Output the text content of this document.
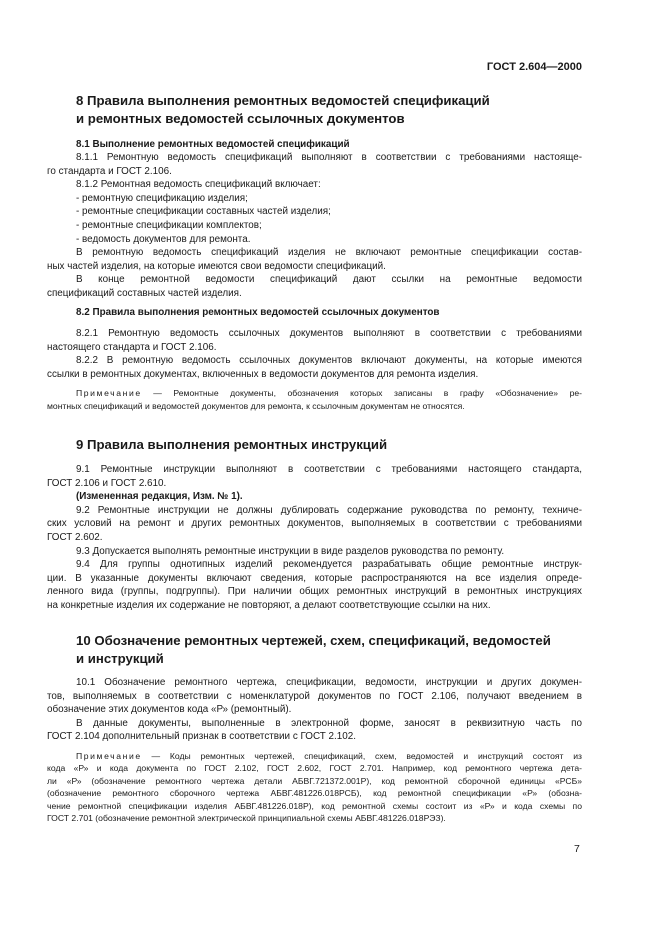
ГОСТ 2.604—2000
8 Правила выполнения ремонтных ведомостей спецификаций
и ремонтных ведомостей ссылочных документов
8.1 Выполнение ремонтных ведомостей спецификаций
8.1.1 Ремонтную ведомость спецификаций выполняют в соответствии с требованиями настояще-
го стандарта и ГОСТ 2.106.
8.1.2 Ремонтная ведомость спецификаций включает:
- ремонтную спецификацию изделия;
- ремонтные спецификации составных частей изделия;
- ремонтные спецификации комплектов;
- ведомость документов для ремонта.
В ремонтную ведомость спецификаций изделия не включают ремонтные спецификации состав-
ных частей изделия, на которые имеются свои ведомости спецификаций.
В конце ремонтной ведомости спецификаций дают ссылки на ремонтные ведомости
спецификаций составных частей изделия.
8.2 Правила выполнения ремонтных ведомостей ссылочных документов
8.2.1 Ремонтную ведомость ссылочных документов выполняют в соответствии с требованиями
настоящего стандарта и ГОСТ 2.106.
8.2.2 В ремонтную ведомость ссылочных документов включают документы, на которые имеются
ссылки в ремонтных документах, включенных в ведомости документов для ремонта изделия.
Примечание — Ремонтные документы, обозначения которых записаны в графу «Обозначение» ре-
монтных спецификаций и ведомостей документов для ремонта, к ссылочным документам не относятся.
9 Правила выполнения ремонтных инструкций
9.1 Ремонтные инструкции выполняют в соответствии с требованиями настоящего стандарта,
ГОСТ 2.106 и ГОСТ 2.610.
(Измененная редакция, Изм. № 1).
9.2 Ремонтные инструкции не должны дублировать содержание руководства по ремонту, техниче-
ских условий на ремонт и других ремонтных документов, выполняемых в соответствии с требованиями
ГОСТ 2.602.
9.3 Допускается выполнять ремонтные инструкции в виде разделов руководства по ремонту.
9.4 Для группы однотипных изделий рекомендуется разрабатывать общие ремонтные инструк-
ции. В указанные документы включают сведения, которые распространяются на все изделия опреде-
ленного вида (группы, подгруппы). При наличии общих ремонтных инструкций в ремонтных инструкциях
на конкретные изделия их содержание не повторяют, а делают соответствующие ссылки на них.
10 Обозначение ремонтных чертежей, схем, спецификаций, ведомостей
и инструкций
10.1 Обозначение ремонтного чертежа, спецификации, ведомости, инструкции и других докумен-
тов, выполняемых в соответствии с номенклатурой документов по ГОСТ 2.106, получают введением в
обозначение этих документов кода «Р» (ремонтный).
В данные документы, выполненные в электронной форме, заносят в реквизитную часть по
ГОСТ 2.104 дополнительный признак в соответствии с ГОСТ 2.102.
Примечание — Коды ремонтных чертежей, спецификаций, схем, ведомостей и инструкций состоят из
кода «Р» и кода документа по ГОСТ 2.102, ГОСТ 2.602, ГОСТ 2.701. Например, код ремонтного чертежа дета-
ли «Р» (обозначение ремонтного чертежа детали АБВГ.721372.001Р), код ремонтной сборочной единицы «РСБ»
(обозначение ремонтного сборочного чертежа АБВГ.481226.018РСБ), код ремонтной спецификации «Р» (обозна-
чение ремонтной спецификации изделия АБВГ.481226.018Р), код ремонтной схемы состоит из «Р» и кода схемы по
ГОСТ 2.701 (обозначение ремонтной электрической принципиальной схемы АБВГ.481226.018РЭЗ).
7
